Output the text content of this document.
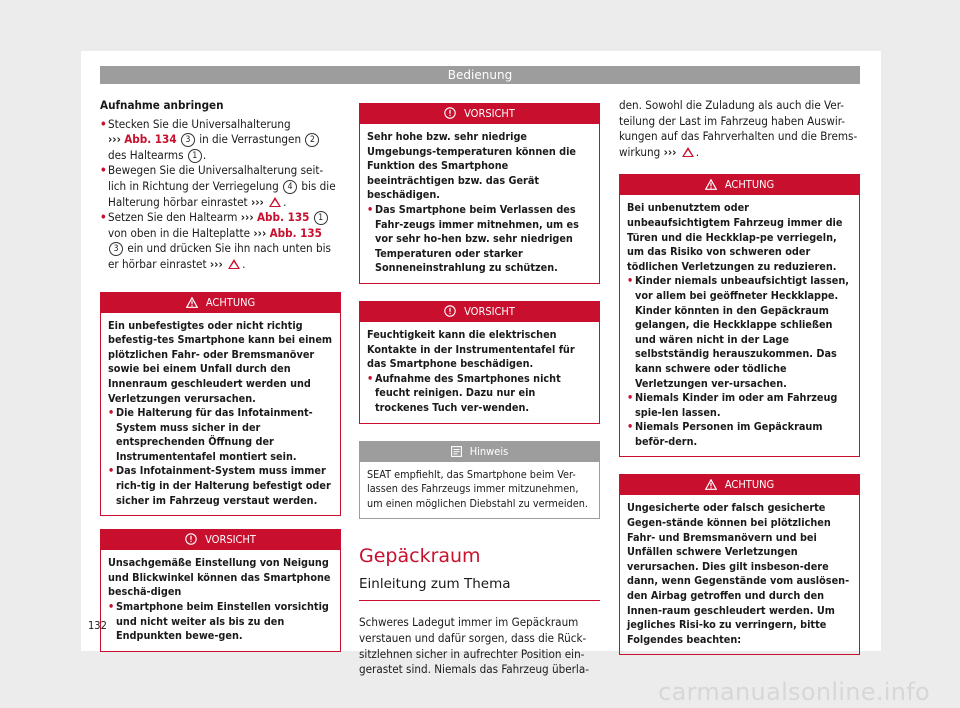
Bedienung

Aufnahme anbringen

• Stecken Sie die Universalhalterung
››› Abb. 134 3 in die Verrastungen 2 des Haltearms 1 .

• Bewegen Sie die Universalhalterung seit-lich in Richtung der Verriegelung 4 bis die Halterung hörbar einrastet ››› .

• Setzen Sie den Haltearm ››› Abb. 135 1 von oben in die Halteplatte ››› Abb. 135 3 ein und drücken Sie ihn nach unten bis er hörbar einrastet ››› .

ACHTUNG

Ein unbefestigtes oder nicht richtig befestig-tes Smartphone kann bei einem plötzlichen Fahr- oder Bremsmanöver sowie bei einem Unfall durch den Innenraum geschleudert werden und Verletzungen verursachen.

• Die Halterung für das Infotainment-System muss sicher in der entsprechenden Öffnung der Instrumententafel montiert sein.

• Das Infotainment-System muss immer rich-tig in der Halterung befestigt oder sicher im Fahrzeug verstaut werden.

VORSICHT

Unsachgemäße Einstellung von Neigung und Blickwinkel können das Smartphone beschä-digen

• Smartphone beim Einstellen vorsichtig und nicht weiter als bis zu den Endpunkten bewe-gen.

VORSICHT

Sehr hohe bzw. sehr niedrige Umgebungs-temperaturen können die Funktion des Smartphone beeinträchtigen bzw. das Gerät beschädigen.

• Das Smartphone beim Verlassen des Fahr-zeugs immer mitnehmen, um es vor sehr ho-hen bzw. sehr niedrigen Temperaturen oder starker Sonneneinstrahlung zu schützen.

VORSICHT

Feuchtigkeit kann die elektrischen Kontakte in der Instrumententafel für das Smartphone beschädigen.

• Aufnahme des Smartphones nicht feucht reinigen. Dazu nur ein trockenes Tuch ver-wenden.

Hinweis

SEAT empfiehlt, das Smartphone beim Ver-lassen des Fahrzeugs immer mitzunehmen, um einen möglichen Diebstahl zu vermeiden.

Gepäckraum
Einleitung zum Thema

Schweres Ladegut immer im Gepäckraum verstauen und dafür sorgen, dass die Rück-sitzlehnen sicher in aufrechter Position ein-gerastet sind. Niemals das Fahrzeug überla-

den. Sowohl die Zuladung als auch die Ver-teilung der Last im Fahrzeug haben Auswir-kungen auf das Fahrverhalten und die Brems-wirkung ››› .

ACHTUNG

Bei unbenutztem oder unbeaufsichtigtem Fahrzeug immer die Türen und die Heckklap-pe verriegeln, um das Risiko von schweren oder tödlichen Verletzungen zu reduzieren.

• Kinder niemals unbeaufsichtigt lassen, vor allem bei geöffneter Heckklappe. Kinder könnten in den Gepäckraum gelangen, die Heckklappe schließen und wären nicht in der Lage selbstständig herauszukommen. Das kann schwere oder tödliche Verletzungen ver-ursachen.

• Niemals Kinder im oder am Fahrzeug spie-len lassen.

• Niemals Personen im Gepäckraum beför-dern.

ACHTUNG

Ungesicherte oder falsch gesicherte Gegen-stände können bei plötzlichen Fahr- und Bremsmanövern und bei Unfällen schwere Verletzungen verursachen. Dies gilt insbeson-dere dann, wenn Gegenstände vom auslösen-den Airbag getroffen und durch den Innen-raum geschleudert werden. Um jegliches Risi-ko zu verringern, bitte Folgendes beachten:

132
carmanualsonline.info
